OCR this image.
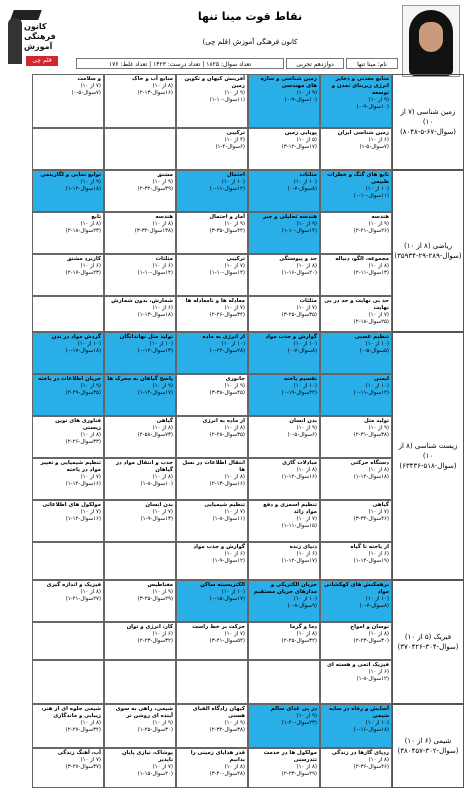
کانون
فرهنگی
آموزش
قلم چی
نقاط قوت مینا تنها
کانون فرهنگی آموزش (قلم چی)
تعداد سوال: ۱۸۲۵ | تعداد درست: ۱۴۲۳ | تعداد غلط: ۱۷۶	دوازدهم تجربی	نام: مینا تنها
منابع معدنی و ذخایر انرژی زیربنای تمدن و توسعه
(۹ از ۱۰)
(۱۰سوال-۹-۰)
زمین شناسی و سازه های مهندسی
(۹ از ۱۰)
(۱۰سوال-۹-۰)
آفرینش کیهان و تکوین زمین
(۹ از ۱۰)
(۱۱سوال-۱۰-۱)
منابع آب و خاک
(۸ از ۱۰)
(۱۶سوال-۱۳-۲)
و سلامت
(۷ از ۱۰)
(۷سوال-۵-۰)
زمین شناسی ایران
(۶ از ۱۰)
(۷سوال-۵-۱)
پویایی زمین
(۵ از ۱۰)
(۱۷سوال-۱۲-۳)
ترکیبی
(۴ از ۱۰)
(۶سوال-۴-۱)
تابع های گنگ و خطرات طبیعی
(۱۰ از ۱۰)
(۱۱سوال-۱۰-۰)
مثلثات
(۱۰ از ۱۰)
(۸سوال-۷-۰)
احتمال
(۱۰ از ۱۰)
(۱۲سوال-۱۱-۰)
مشتق
(۹ از ۱۰)
(۳۹سوال-۳۲-۲)
توابع نمایی و لگاریتمی
(۹ از ۱۰)
(۱۸سوال-۱۴-۱)
هندسه
(۹ از ۱۰)
(۲۶سوال-۲۱-۲)
هندسه تحلیلی و جبر
(۹ از ۱۰)
(۱۴سوال-۱۰-۱)
آمار و احتمال
(۹ از ۱۰)
(۴۴سوال-۳۵-۳)
هندسه
(۸ از ۱۰)
(۱۳۸سوال-۳۴-۳)
تابع
(۸ از ۱۰)
(۲۳سوال-۱۸-۲)
مجموعه، الگو، دنباله
(۸ از ۱۰)
(۱۳سوال-۱۱-۲)
حد و پیوستگی
(۸ از ۱۰)
(۲۰سوال-۱۶-۱)
ترکیبی
(۷ از ۱۰)
(۱۴سوال-۱۰-۱)
مثلثات
(۶ از ۱۰)
(۱۴سوال-۱۰-۱)
کاربرد مشتق
(۶ از ۱۰)
(۲۳سوال-۱۷-۲)
حد بی نهایت و حد در بی نهایت
(۷ از ۱۰)
(۲۵سوال-۱۸-۲)
مثلثات
(۷ از ۱۰)
(۳۵سوال-۲۵-۳)
معادله ها و نامعادله ها
(۷ از ۱۰)
(۳۴سوال-۲۶-۲)
شمارش، بدون شمارش
(۶ از ۱۰)
(۱۸سوال-۱۳-۱)
تنظیم عصبی
(۱۰ از ۱۰)
(۵سوال-۵-۰)
گوارش و جذب مواد
(۱۰ از ۱۰)
(۸سوال-۷-۰)
از انرژی به ماده
(۱۰ از ۱۰)
(۲۸سوال-۲۴-۰)
تولید مثل نهاندانگان
(۱۰ از ۱۰)
(۱۳سوال-۱۲-۰)
گردش مواد در بدن
(۱۰ از ۱۰)
(۱۸سوال-۱۷-۰)
ایمنی
(۱۰ از ۱۰)
(۱۲سوال-۱۱-۰)
تقسیم یاخته
(۱۰ از ۱۰)
(۲۲سوال-۱۹-۰)
جانوری
(۹ از ۱۰)
(۴۵سوال-۳۸-۳)
پاسخ گیاهان به محرک ها
(۹ از ۱۰)
(۱۷سوال-۱۴-۱)
جریان اطلاعات در یاخته
(۹ از ۱۰)
(۳۵سوال-۲۹-۲)
تولید مثل
(۹ از ۱۰)
(۳۸سوال-۳۱-۲)
بدن انسان
(۹ از ۱۰)
(۶سوال-۵-۰)
از ماده به انرژی
(۸ از ۱۰)
(۳۵سوال-۲۸-۲)
گیاهی
(۸ از ۱۰)
(۷۳سوال-۵۸-۴)
فناوری های نوین زیستی
(۸ از ۱۰)
(۳۳سوال-۲۶-۲)
دستگاه حرکتی
(۸ از ۱۰)
(۱۸سوال-۱۴-۱)
مبادلات گازی
(۸ از ۱۰)
(۱۶سوال-۱۲-۱)
انتقال اطلاعات در نسل ها
(۸ از ۱۰)
(۱۶سوال-۱۳-۲)
جذب و انتقال مواد در گیاهان
(۸ از ۱۰)
(۱۰سوال-۸-۱)
تنظیم شیمیایی و تغییر مواد در یاخته
(۷ از ۱۰)
(۱۶سوال-۱۲-۱)
گیاهی
(۷ از ۱۰)
(۴۶سوال-۳۴-۳)
تنظیم اسمزی و دفع مواد زائد
(۷ از ۱۰)
(۱۵سوال-۱۱-۱)
تنظیم شیمیایی
(۷ از ۱۰)
(۱۱سوال-۸-۱)
بدن انسان
(۷ از ۱۰)
(۱۳سوال-۹-۱)
مولکول های اطلاعاتی
(۷ از ۱۰)
(۱۶سوال-۱۲-۱)
از یاخته تا گیاه
(۶ از ۱۰)
(۱۹سوال-۱۴-۱)
دنیای زنده
(۶ از ۱۰)
(۱۷سوال-۱۲-۱)
گوارش و جذب مواد
(۶ از ۱۰)
(۱۲سوال-۹-۱)
برهمکنش های کهکشانی مواد
(۱۰ از ۱۰)
(۸سوال-۷-۰)
جریان الکتریکی و مدارهای جریان مستقیم
(۱۰ از ۱۰)
(۹سوال-۸-۰)
الکتریسیته ساکن
(۱۰ از ۱۰)
(۱۷سوال-۱۵-۰)
مغناطیس
(۹ از ۱۰)
(۲۹سوال-۲۵-۳)
فیزیک و اندازه گیری
(۸ از ۱۰)
(۲۷سوال-۲۱-۱)
نوسان و امواج
(۸ از ۱۰)
(۳۰سوال-۲۳-۲)
دما و گرما
(۸ از ۱۰)
(۳۲سوال-۲۵-۲)
حرکت بر خط راست
(۷ از ۱۰)
(۵۴سوال-۴۱-۳)
کار، انرژی و توان
(۶ از ۱۰)
(۳۲سوال-۲۳-۲)
فیزیک اتمی و هسته ای
(۶ از ۱۰)
(۱۲سوال-۸-۱)
آسایش و رفاه در سایه شیمی
(۱۰ از ۱۰)
(۱۸سوال-۱۶-۰)
در پی غذای سالم
(۹ از ۱۰)
(۲۳سوال-۲۰-۱)
کیهان زادگاه الفبای هستی
(۹ از ۱۰)
(۳۸سوال-۳۲-۲)
شیمی، راهی به سوی آینده ای روشن تر
(۹ از ۱۰)
(۳۰سوال-۲۵-۱)
شیمی جلوه ای از هنر، زیبایی و ماندگاری
(۸ از ۱۰)
(۳۴سوال-۲۷-۲)
ردپای گازها در زندگی
(۸ از ۱۰)
(۴۶سوال-۳۶-۲)
مولکول ها در خدمت تندرستی
(۸ از ۱۰)
(۲۹سوال-۲۳-۲)
قدر هدایای زمینی را بدانیم
(۸ از ۱۰)
(۴۸سوال-۴۰-۳)
پوشاک، نیازی پایان ناپذیر
(۷ از ۱۰)
(۲۰سوال-۱۵-۱)
آب، آهنگ زندگی
(۷ از ۱۰)
(۳۷سوال-۲۷-۳)
زمین شناسی (۷ از ۱۰)
(۸۰سوال-۶۷-۵-۴۸)
ریاضی (۸ از ۱۰)
(۳۵۹سوال-۲۸۹-۲۹-۳۴)
زیست شناسی (۸ از ۱۰)
(۶۳۴سوال-۵۱۸-۳۶)
فیزیک (۵ از ۱۰)
(۳۷۰سوال-۳۰۴-۴۲۶)
شیمی (۶ از ۱۰)
(۳۸۰سوال-۳۰۲-۴۵۷)
